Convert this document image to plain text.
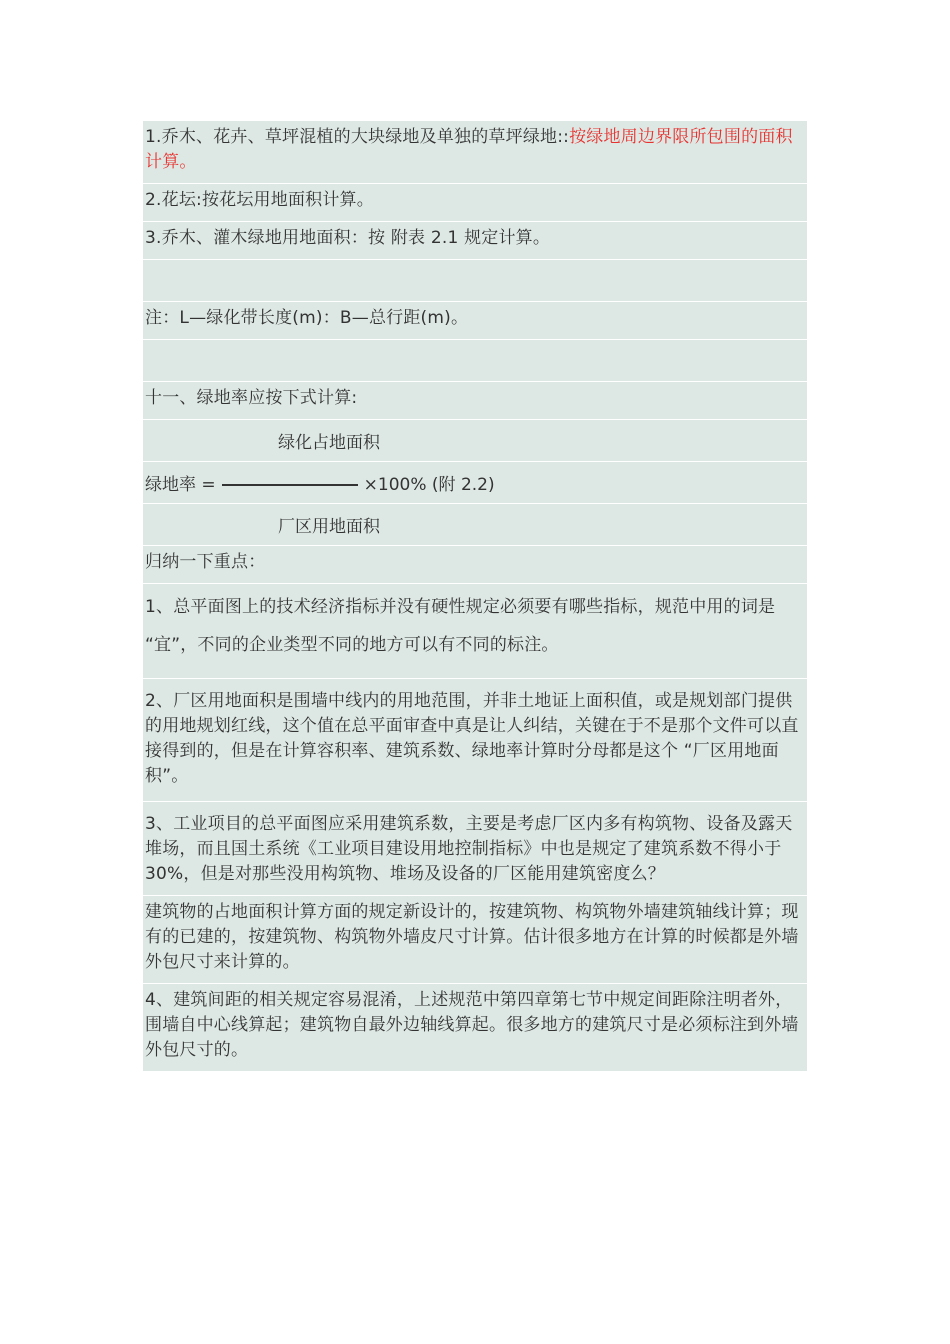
1.乔木、花卉、草坪混植的大块绿地及单独的草坪绿地::按绿地周边界限所包围的面积计算。
2.花坛:按花坛用地面积计算。
3.乔木、灌木绿地用地面积：按 附表 2.1 规定计算。
注：L—绿化带长度(m)：B—总行距(m)。
十一、绿地率应按下式计算:
绿化占地面积
绿地率 =	×100% (附 2.2)
厂区用地面积
归纳一下重点：
1、总平面图上的技术经济指标并没有硬性规定必须要有哪些指标，规范中用的词是 “宜”，不同的企业类型不同的地方可以有不同的标注。
2、厂区用地面积是围墙中线内的用地范围，并非土地证上面积值，或是规划部门提供的用地规划红线，这个值在总平面审查中真是让人纠结，关键在于不是那个文件可以直接得到的，但是在计算容积率、建筑系数、绿地率计算时分母都是这个 “厂区用地面积”。
3、工业项目的总平面图应采用建筑系数，主要是考虑厂区内多有构筑物、设备及露天堆场，而且国土系统《工业项目建设用地控制指标》中也是规定了建筑系数不得小于 30%，但是对那些没用构筑物、堆场及设备的厂区能用建筑密度么？
建筑物的占地面积计算方面的规定新设计的，按建筑物、构筑物外墙建筑轴线计算；现有的已建的，按建筑物、构筑物外墙皮尺寸计算。估计很多地方在计算的时候都是外墙外包尺寸来计算的。
4、建筑间距的相关规定容易混淆，上述规范中第四章第七节中规定间距除注明者外，围墙自中心线算起；建筑物自最外边轴线算起。很多地方的建筑尺寸是必须标注到外墙外包尺寸的。
